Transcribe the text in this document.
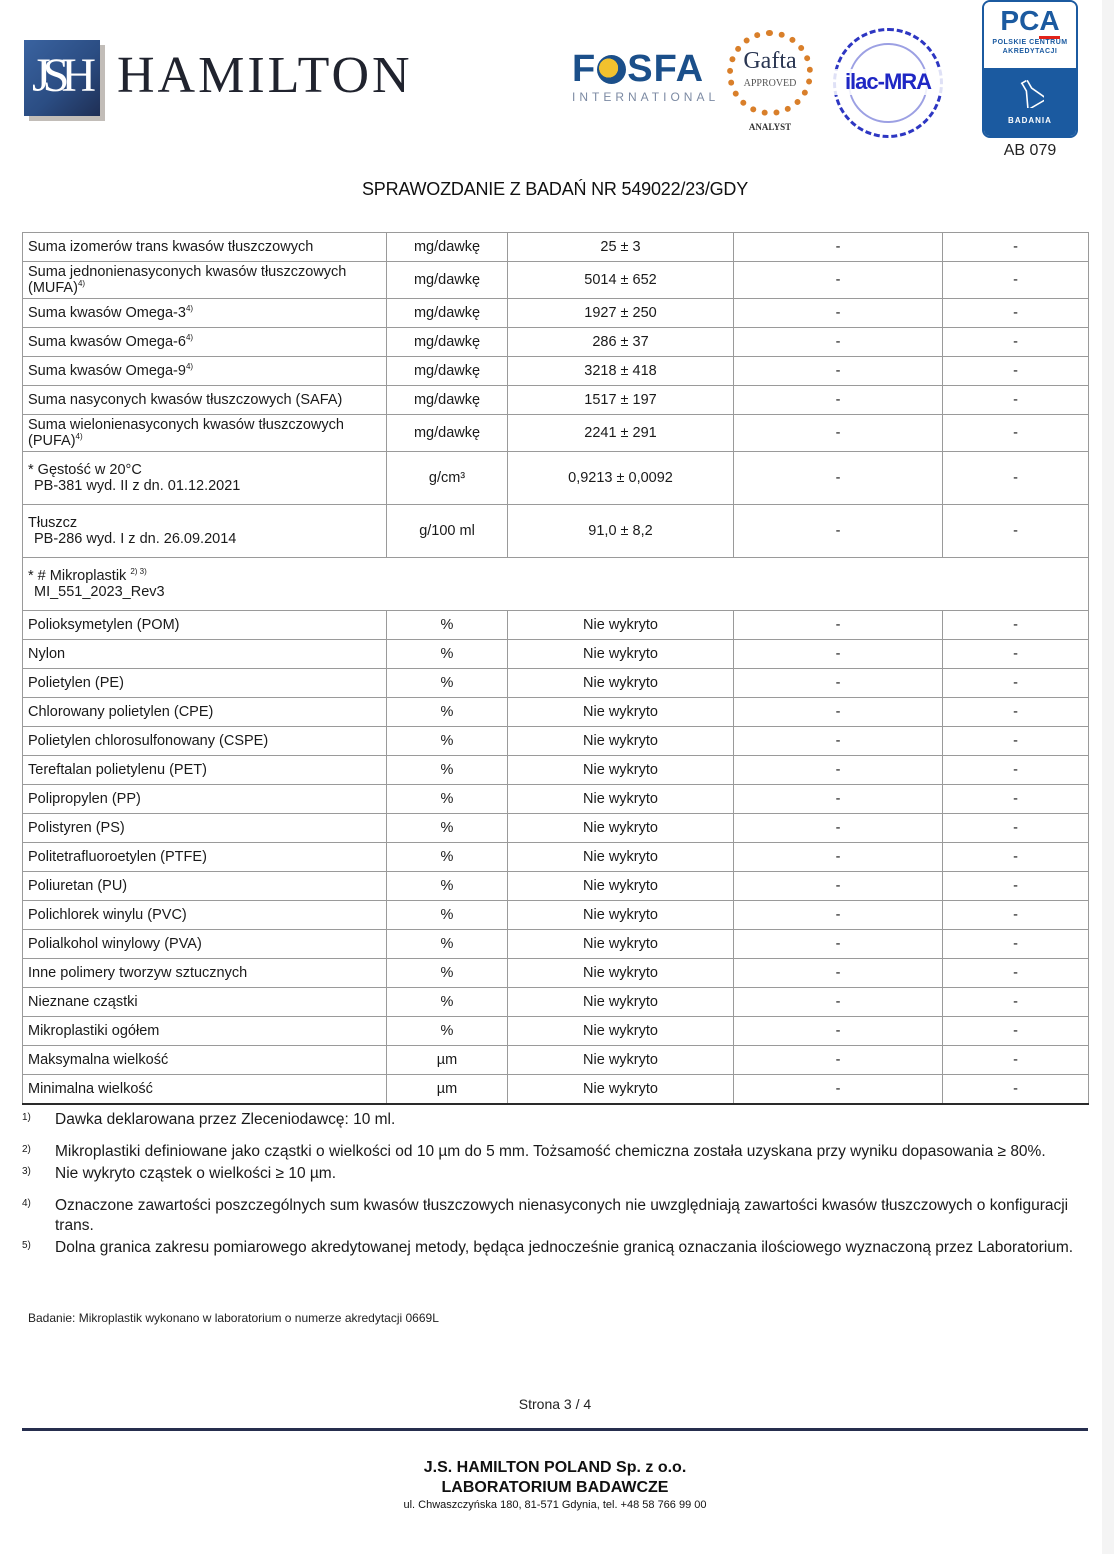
JSH HAMILTON	F SFA
INTERNATIONAL
Gafta
APPROVED
ANALYST
ilac-MRA
PCA
POLSKIE CENTRUM
AKREDYTACJI
BADANIA
AB 079
SPRAWOZDANIE Z BADAŃ NR 549022/23/GDY
Suma izomerów trans kwasów tłuszczowych	mg/dawkę	25 ± 3	-	-
Suma jednonienasyconych kwasów tłuszczowych (MUFA)$^{4)}$	mg/dawkę	5014 ± 652	-	-
Suma kwasów Omega-3$^{4)}$	mg/dawkę	1927 ± 250	-	-
Suma kwasów Omega-6$^{4)}$	mg/dawkę	286 ± 37	-	-
Suma kwasów Omega-9$^{4)}$	mg/dawkę	3218 ± 418	-	-
Suma nasyconych kwasów tłuszczowych (SAFA)	mg/dawkę	1517 ± 197	-	-
Suma wielonienasyconych kwasów tłuszczowych (PUFA)$^{4)}$	mg/dawkę	2241 ± 291	-	-
* Gęstość w 20°C
PB-381 wyd. II z dn. 01.12.2021	g/cm³	0,9213 ± 0,0092	-	-
Tłuszcz
PB-286 wyd. I z dn. 26.09.2014	g/100 ml	91,0 ± 8,2	-	-
* # Mikroplastik $^{2) 3)}$
MI_551_2023_Rev3				

Polioksymetylen (POM)	%	Nie wykryto	-	-
Nylon	%	Nie wykryto	-	-
Polietylen (PE)	%	Nie wykryto	-	-
Chlorowany polietylen (CPE)	%	Nie wykryto	-	-
Polietylen chlorosulfonowany (CSPE)	%	Nie wykryto	-	-
Tereftalan polietylenu (PET)	%	Nie wykryto	-	-
Polipropylen (PP)	%	Nie wykryto	-	-
Polistyren (PS)	%	Nie wykryto	-	-
Politetrafluoroetylen (PTFE)	%	Nie wykryto	-	-
Poliuretan (PU)	%	Nie wykryto	-	-
Polichlorek winylu (PVC)	%	Nie wykryto	-	-
Polialkohol winylowy (PVA)	%	Nie wykryto	-	-
Inne polimery tworzyw sztucznych	%	Nie wykryto	-	-
Nieznane cząstki	%	Nie wykryto	-	-
Mikroplastiki ogółem	%	Nie wykryto	-	-
Maksymalna wielkość	µm	Nie wykryto	-	-
Minimalna wielkość	µm	Nie wykryto	-	-
1) Dawka deklarowana przez Zleceniodawcę: 10 ml.
2) Mikroplastiki definiowane jako cząstki o wielkości od 10 µm do 5 mm. Tożsamość chemiczna została uzyskana przy wyniku dopasowania ≥ 80%.
3) Nie wykryto cząstek o wielkości ≥ 10 µm.
4) Oznaczone zawartości poszczególnych sum kwasów tłuszczowych nienasyconych nie uwzględniają zawartości kwasów tłuszczowych o konfiguracji trans.
5) Dolna granica zakresu pomiarowego akredytowanej metody, będąca jednocześnie granicą oznaczania ilościowego wyznaczoną przez Laboratorium.
Badanie: Mikroplastik wykonano w laboratorium o numerze akredytacji 0669L
Strona 3 / 4
J.S. HAMILTON POLAND Sp. z o.o.
LABORATORIUM BADAWCZE
ul. Chwaszczyńska 180, 81-571 Gdynia, tel. +48 58 766 99 00
